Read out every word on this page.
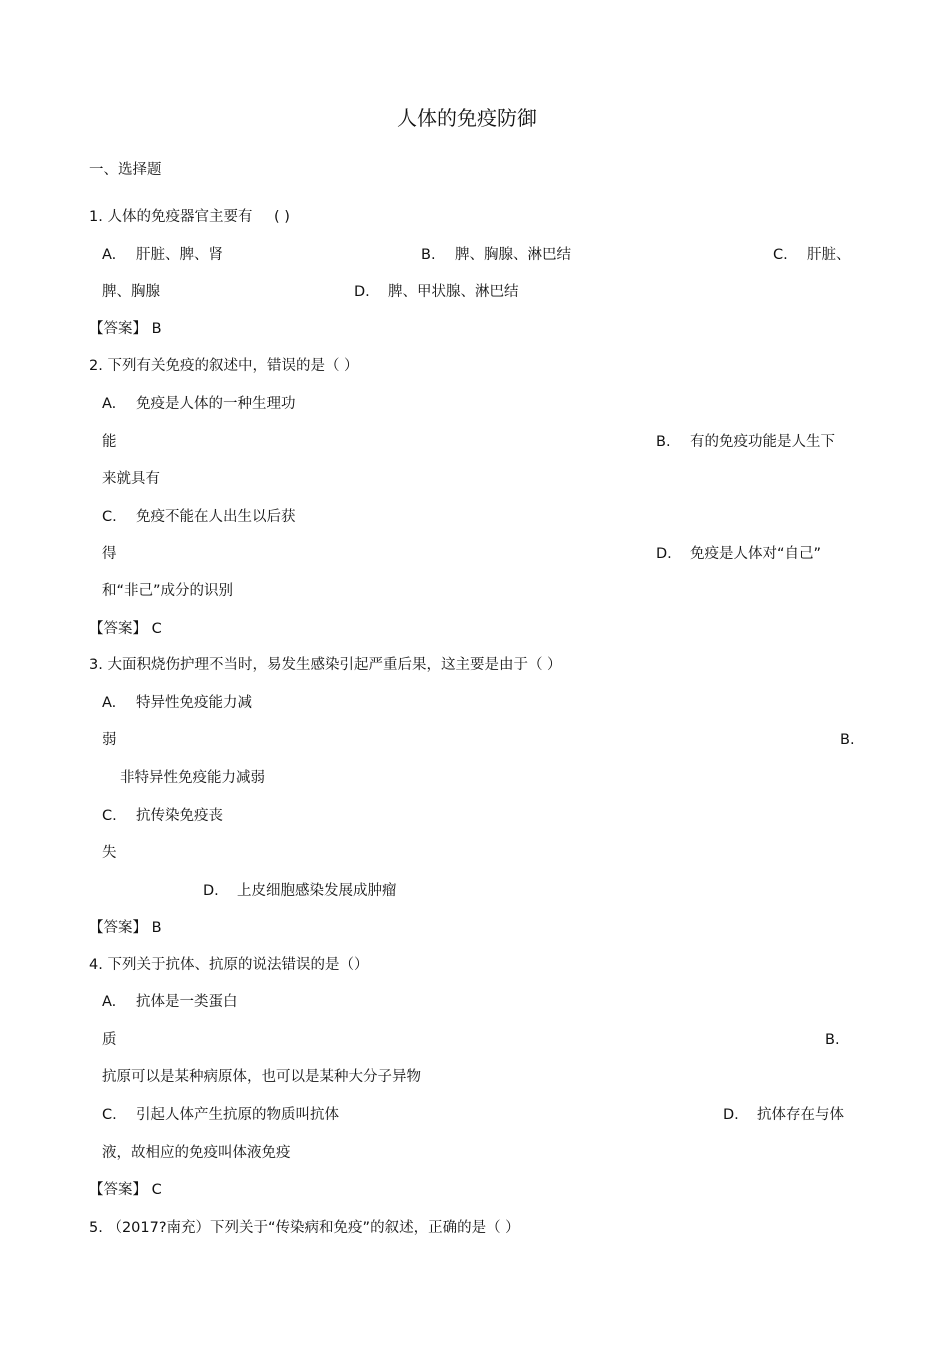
人体的免疫防御
一、选择题
1. 人体的免疫器官主要有 ( )
A. 肝脏、脾、肾	B. 脾、胸腺、淋巴结	C. 肝脏、
脾、胸腺	D. 脾、甲状腺、淋巴结
【答案】 B
2. 下列有关免疫的叙述中，错误的是（ ）
A. 免疫是人体的一种生理功
能	B. 有的免疫功能是人生下
来就具有
C. 免疫不能在人出生以后获
得	D. 免疫是人体对“自己”
和“非己”成分的识别
【答案】 C
3. 大面积烧伤护理不当时，易发生感染引起严重后果，这主要是由于（ ）
A. 特异性免疫能力减
弱	B.
非特异性免疫能力减弱
C. 抗传染免疫丧
失
D. 上皮细胞感染发展成肿瘤
【答案】 B
4. 下列关于抗体、抗原的说法错误的是（）
A. 抗体是一类蛋白
质	B.
抗原可以是某种病原体，也可以是某种大分子异物
C. 引起人体产生抗原的物质叫抗体	D. 抗体存在与体
液，故相应的免疫叫体液免疫
【答案】 C
5. （2017?南充）下列关于“传染病和免疫”的叙述，正确的是（ ）
